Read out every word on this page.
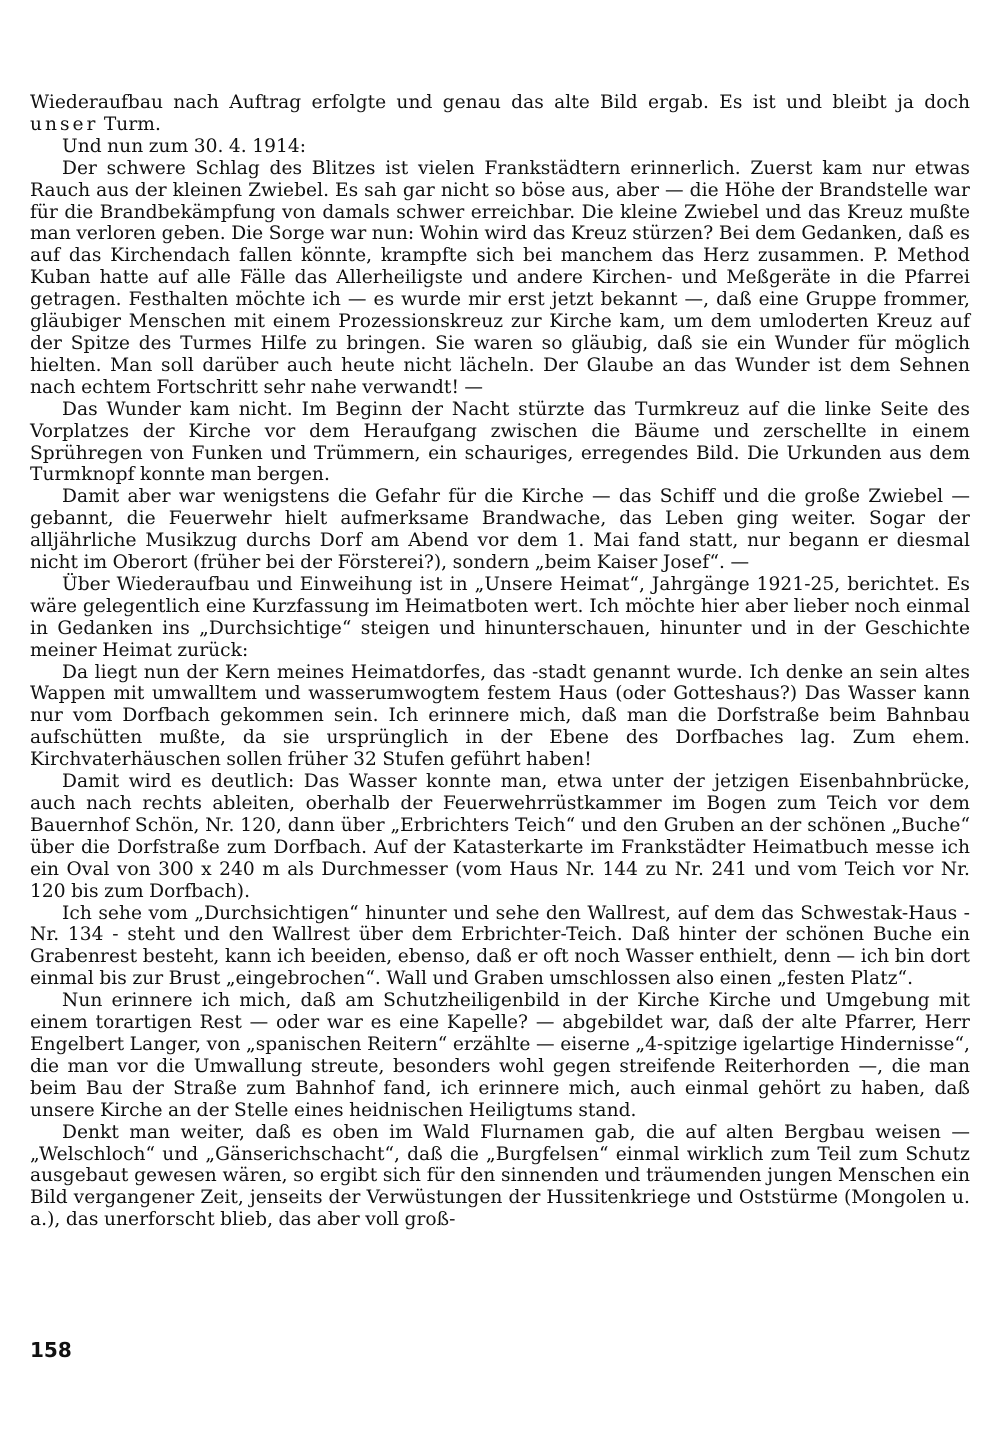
Wiederaufbau nach Auftrag erfolgte und genau das alte Bild ergab. Es ist und bleibt ja doch unser Turm.

Und nun zum 30. 4. 1914:

Der schwere Schlag des Blitzes ist vielen Frankstädtern erinnerlich. Zuerst kam nur etwas Rauch aus der kleinen Zwiebel. Es sah gar nicht so böse aus, aber — die Höhe der Brandstelle war für die Brandbekämpfung von damals schwer erreichbar. Die kleine Zwiebel und das Kreuz mußte man verloren geben. Die Sorge war nun: Wohin wird das Kreuz stürzen? Bei dem Gedanken, daß es auf das Kirchendach fallen könnte, krampfte sich bei manchem das Herz zusammen. P. Method Kuban hatte auf alle Fälle das Allerheiligste und andere Kirchen- und Meßgeräte in die Pfarrei getragen. Festhalten möchte ich — es wurde mir erst jetzt bekannt —, daß eine Gruppe frommer, gläubiger Menschen mit einem Prozessionskreuz zur Kirche kam, um dem umloderten Kreuz auf der Spitze des Turmes Hilfe zu bringen. Sie waren so gläubig, daß sie ein Wunder für möglich hielten. Man soll darüber auch heute nicht lächeln. Der Glaube an das Wunder ist dem Sehnen nach echtem Fortschritt sehr nahe verwandt! —

Das Wunder kam nicht. Im Beginn der Nacht stürzte das Turmkreuz auf die linke Seite des Vorplatzes der Kirche vor dem Heraufgang zwischen die Bäume und zerschellte in einem Sprühregen von Funken und Trümmern, ein schauriges, erregendes Bild. Die Urkunden aus dem Turmknopf konnte man bergen.

Damit aber war wenigstens die Gefahr für die Kirche — das Schiff und die große Zwiebel — gebannt, die Feuerwehr hielt aufmerksame Brandwache, das Leben ging weiter. Sogar der alljährliche Musikzug durchs Dorf am Abend vor dem 1. Mai fand statt, nur begann er diesmal nicht im Oberort (früher bei der Försterei?), sondern „beim Kaiser Josef“. —

Über Wiederaufbau und Einweihung ist in „Unsere Heimat“, Jahrgänge 1921-25, berichtet. Es wäre gelegentlich eine Kurzfassung im Heimatboten wert. Ich möchte hier aber lieber noch einmal in Gedanken ins „Durchsichtige“ steigen und hinunterschauen, hinunter und in der Geschichte meiner Heimat zurück:

Da liegt nun der Kern meines Heimatdorfes, das -stadt genannt wurde. Ich denke an sein altes Wappen mit umwalltem und wasserumwogtem festem Haus (oder Gotteshaus?) Das Wasser kann nur vom Dorfbach gekommen sein. Ich erinnere mich, daß man die Dorfstraße beim Bahnbau aufschütten mußte, da sie ursprünglich in der Ebene des Dorfbaches lag. Zum ehem. Kirchvaterhäuschen sollen früher 32 Stufen geführt haben!

Damit wird es deutlich: Das Wasser konnte man, etwa unter der jetzigen Eisenbahnbrücke, auch nach rechts ableiten, oberhalb der Feuerwehrrüstkammer im Bogen zum Teich vor dem Bauernhof Schön, Nr. 120, dann über „Erbrichters Teich“ und den Gruben an der schönen „Buche“ über die Dorfstraße zum Dorfbach. Auf der Katasterkarte im Frankstädter Heimatbuch messe ich ein Oval von 300 x 240 m als Durchmesser (vom Haus Nr. 144 zu Nr. 241 und vom Teich vor Nr. 120 bis zum Dorfbach).

Ich sehe vom „Durchsichtigen“ hinunter und sehe den Wallrest, auf dem das Schwestak-Haus - Nr. 134 - steht und den Wallrest über dem Erbrichter-Teich. Daß hinter der schönen Buche ein Grabenrest besteht, kann ich beeiden, ebenso, daß er oft noch Wasser enthielt, denn — ich bin dort einmal bis zur Brust „eingebrochen“. Wall und Graben umschlossen also einen „festen Platz“.

Nun erinnere ich mich, daß am Schutzheiligenbild in der Kirche Kirche und Umgebung mit einem torartigen Rest — oder war es eine Kapelle? — abgebildet war, daß der alte Pfarrer, Herr Engelbert Langer, von „spanischen Reitern“ erzählte — eiserne „4-spitzige igelartige Hindernisse“, die man vor die Umwallung streute, besonders wohl gegen streifende Reiterhorden —, die man beim Bau der Straße zum Bahnhof fand, ich erinnere mich, auch einmal gehört zu haben, daß unsere Kirche an der Stelle eines heidnischen Heiligtums stand.

Denkt man weiter, daß es oben im Wald Flurnamen gab, die auf alten Bergbau weisen — „Welschloch“ und „Gänserichschacht“, daß die „Burgfelsen“ einmal wirklich zum Teil zum Schutz ausgebaut gewesen wären, so ergibt sich für den sinnenden und träumenden jungen Menschen ein Bild vergangener Zeit, jenseits der Verwüstungen der Hussitenkriege und Oststürme (Mongolen u. a.), das unerforscht blieb, das aber voll groß-

158
